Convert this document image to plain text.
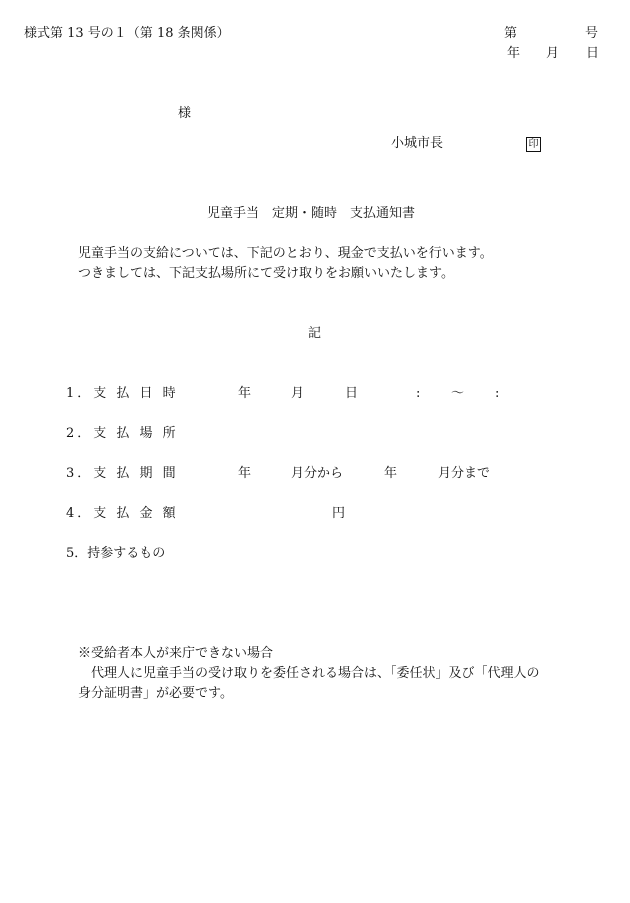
様式第 13 号の１（第 18 条関係）	第	号
年 月 日
様
小城市長	印
児童手当　定期・随時　支払通知書
児童手当の支給については、下記のとおり、現金で支払いを行います。
つきましては、下記支払場所にて受け取りをお願いいたします。
記
1．支 払 日 時	年	月	日	: 〜 :
2．支 払 場 所
3．支 払 期 間	年	月分から	年	月分まで
4．支 払 金 額	円
5．持参するもの
※受給者本人が来庁できない場合
代理人に児童手当の受け取りを委任される場合は、「委任状」及び「代理人の
身分証明書」が必要です。
